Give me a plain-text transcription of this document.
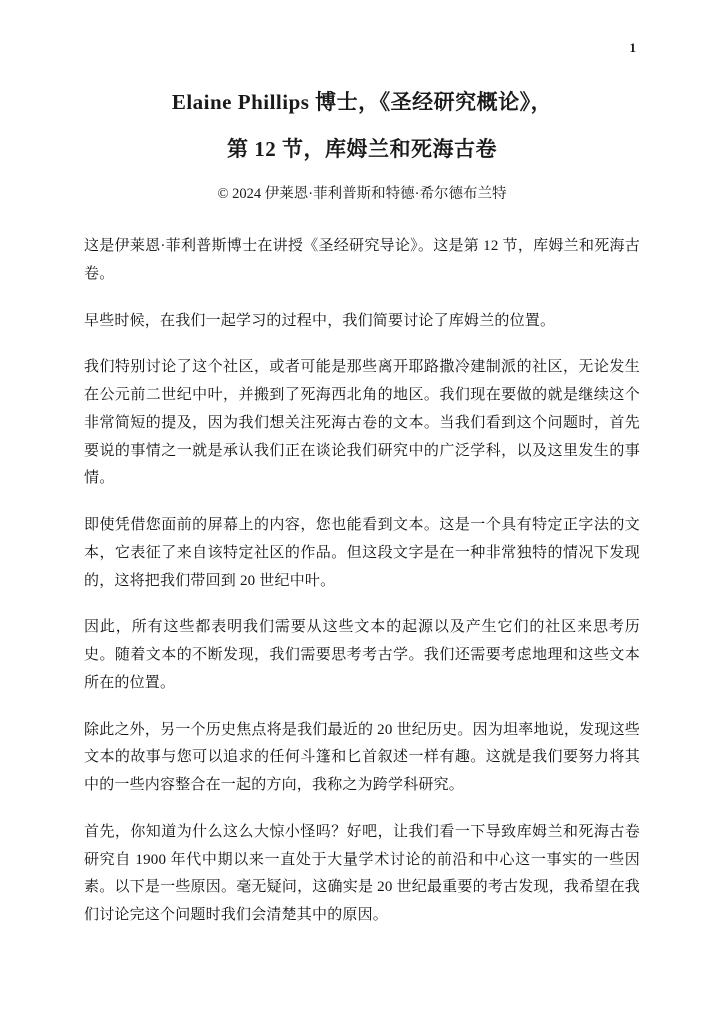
1
Elaine Phillips 博士，《圣经研究概论》，
第 12 节，库姆兰和死海古卷
© 2024 伊莱恩·菲利普斯和特德·希尔德布兰特

这是伊莱恩·菲利普斯博士在讲授《圣经研究导论》。这是第 12 节，库姆兰和死海古卷。

早些时候，在我们一起学习的过程中，我们简要讨论了库姆兰的位置。

我们特别讨论了这个社区，或者可能是那些离开耶路撒冷建制派的社区，无论发生在公元前二世纪中叶，并搬到了死海西北角的地区。我们现在要做的就是继续这个非常简短的提及，因为我们想关注死海古卷的文本。当我们看到这个问题时，首先要说的事情之一就是承认我们正在谈论我们研究中的广泛学科，以及这里发生的事情。

即使凭借您面前的屏幕上的内容，您也能看到文本。这是一个具有特定正字法的文本，它表征了来自该特定社区的作品。但这段文字是在一种非常独特的情况下发现的，这将把我们带回到 20 世纪中叶。

因此，所有这些都表明我们需要从这些文本的起源以及产生它们的社区来思考历史。随着文本的不断发现，我们需要思考考古学。我们还需要考虑地理和这些文本所在的位置。

除此之外，另一个历史焦点将是我们最近的 20 世纪历史。因为坦率地说，发现这些文本的故事与您可以追求的任何斗篷和匕首叙述一样有趣。这就是我们要努力将其中的一些内容整合在一起的方向，我称之为跨学科研究。

首先，你知道为什么这么大惊小怪吗？好吧，让我们看一下导致库姆兰和死海古卷研究自 1900 年代中期以来一直处于大量学术讨论的前沿和中心这一事实的一些因素。以下是一些原因。毫无疑问，这确实是 20 世纪最重要的考古发现，我希望在我们讨论完这个问题时我们会清楚其中的原因。
